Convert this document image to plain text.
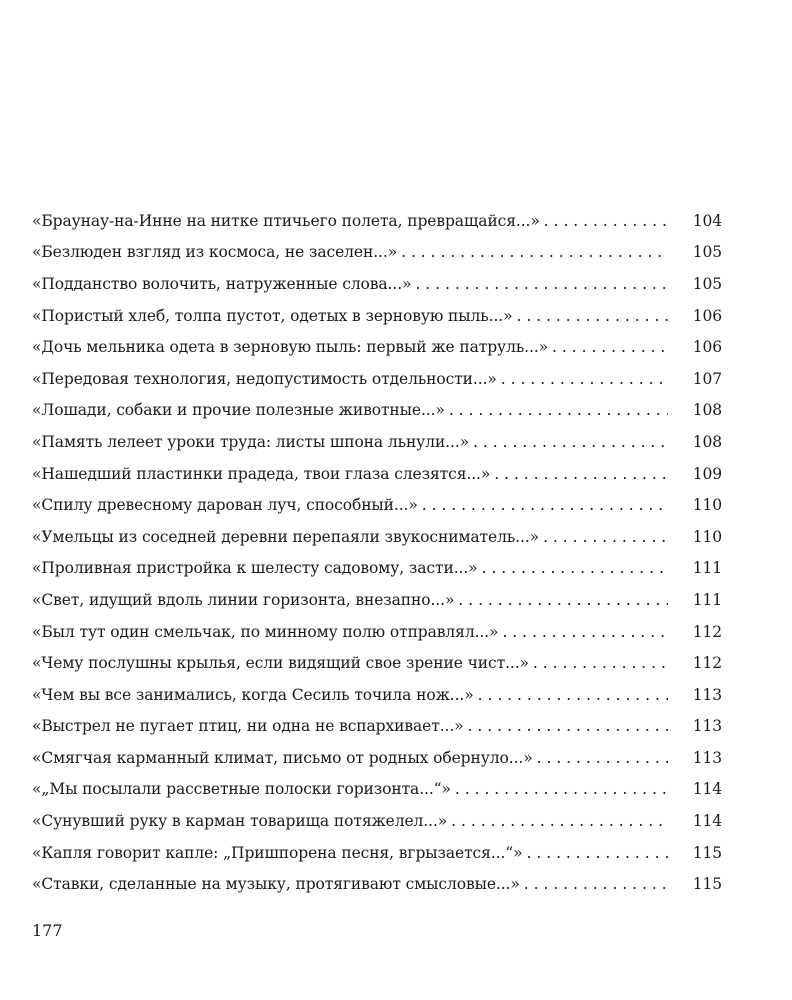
«Браунау-на-Инне на нитке птичьего полета, превращайся...» . . .	104
«Безлюден взгляд из космоса, не заселен...» . . .	105
«Подданство волочить, натруженные слова...» . . .	105
«Пористый хлеб, толпа пустот, одетых в зерновую пыль...» . . .	106
«Дочь мельника одета в зерновую пыль: первый же патруль...» . . .	106
«Передовая технология, недопустимость отдельности...» . . .	107
«Лошади, собаки и прочие полезные животные...» . . .	108
«Память лелеет уроки труда: листы шпона льнули...» . . .	108
«Нашедший пластинки прадеда, твои глаза слезятся...» . . .	109
«Спилу древесному дарован луч, способный...» . . .	110
«Умельцы из соседней деревни перепаяли звукосниматель...» . . .	110
«Проливная пристройка к шелесту садовому, засти...» . . .	111
«Свет, идущий вдоль линии горизонта, внезапно...» . . .	111
«Был тут один смельчак, по минному полю отправлял...» . . .	112
«Чему послушны крылья, если видящий свое зрение чист...» . . .	112
«Чем вы все занимались, когда Сесиль точила нож...» . . .	113
«Выстрел не пугает птиц, ни одна не вспархивает...» . . .	113
«Смягчая карманный климат, письмо от родных обернуло...» . . .	113
«„Мы посылали рассветные полоски горизонта...“» . . .	114
«Сунувший руку в карман товарища потяжелел...» . . .	114
«Капля говорит капле: „Пришпорена песня, вгрызается...“» . . .	115
«Ставки, сделанные на музыку, протягивают смысловые...» . . .	115
177
